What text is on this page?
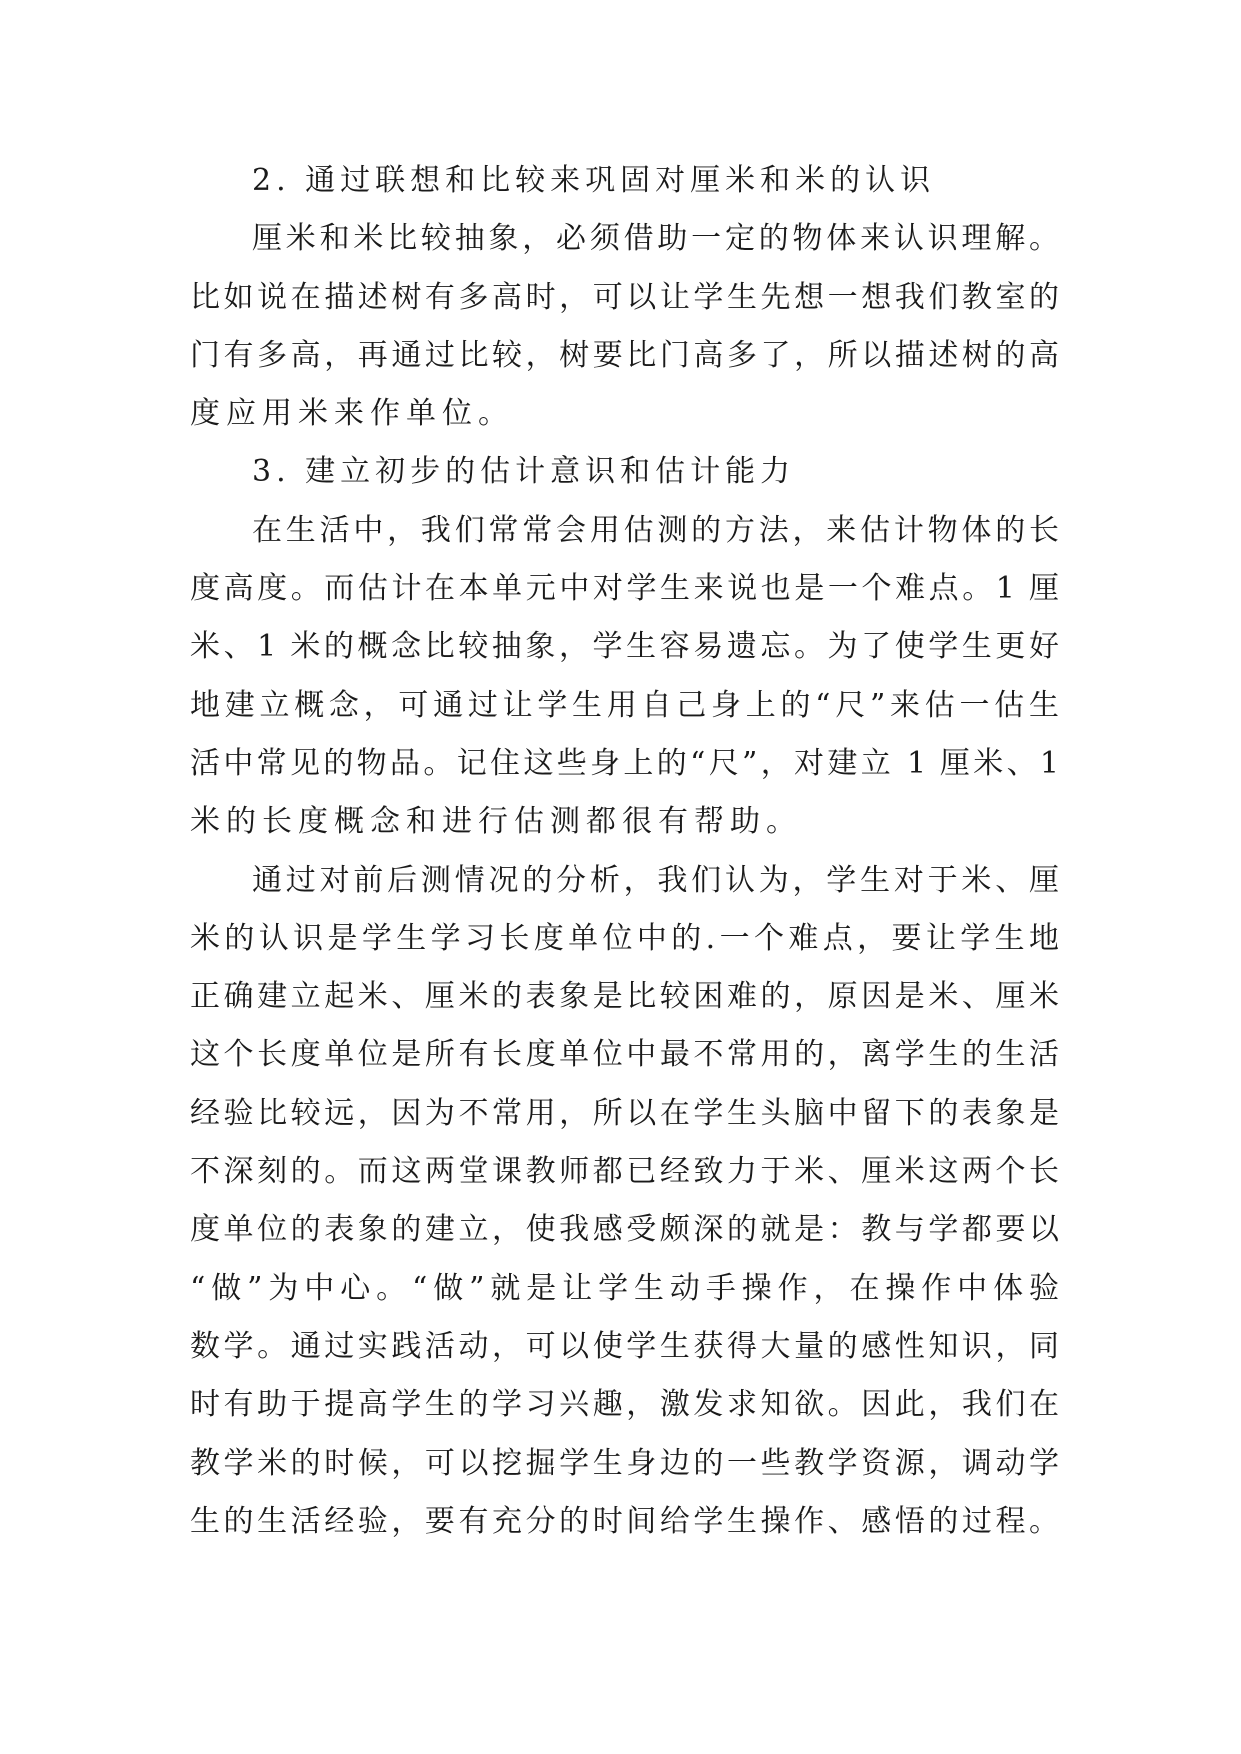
2. 通过联想和比较来巩固对厘米和米的认识
厘米和米比较抽象，必须借助一定的物体来认识理解。
比如说在描述树有多高时，可以让学生先想一想我们教室的
门有多高，再通过比较，树要比门高多了，所以描述树的高
度应用米来作单位。
3. 建立初步的估计意识和估计能力
在生活中，我们常常会用估测的方法，来估计物体的长
度高度。而估计在本单元中对学生来说也是一个难点。1 厘
米、1 米的概念比较抽象，学生容易遗忘。为了使学生更好
地建立概念，可通过让学生用自己身上的“尺”来估一估生
活中常见的物品。记住这些身上的“尺”，对建立 1 厘米、1
米的长度概念和进行估测都很有帮助。
通过对前后测情况的分析，我们认为，学生对于米、厘
米的认识是学生学习长度单位中的.一个难点，要让学生地
正确建立起米、厘米的表象是比较困难的，原因是米、厘米
这个长度单位是所有长度单位中最不常用的，离学生的生活
经验比较远，因为不常用，所以在学生头脑中留下的表象是
不深刻的。而这两堂课教师都已经致力于米、厘米这两个长
度单位的表象的建立，使我感受颇深的就是：教与学都要以
“做”为中心。“做”就是让学生动手操作，在操作中体验
数学。通过实践活动，可以使学生获得大量的感性知识，同
时有助于提高学生的学习兴趣，激发求知欲。因此，我们在
教学米的时候，可以挖掘学生身边的一些教学资源，调动学
生的生活经验，要有充分的时间给学生操作、感悟的过程。
